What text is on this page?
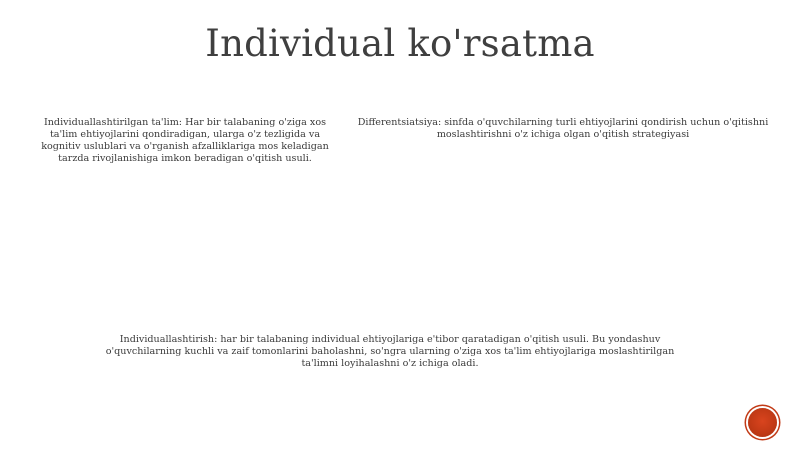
Individual ko'rsatma
Individuallashtirilgan ta'lim: Har bir talabaning o'ziga xos ta'lim ehtiyojlarini qondiradigan, ularga o'z tezligida va kognitiv uslublari va o'rganish afzalliklariga mos keladigan tarzda rivojlanishiga imkon beradigan o'qitish usuli.
Differentsiatsiya: sinfda o'quvchilarning turli ehtiyojlarini qondirish uchun o'qitishni moslashtirishni o'z ichiga olgan o'qitish strategiyasi
Individuallashtirish: har bir talabaning individual ehtiyojlariga e'tibor qaratadigan o'qitish usuli. Bu yondashuv o'quvchilarning kuchli va zaif tomonlarini baholashni, so'ngra ularning o'ziga xos ta'lim ehtiyojlariga moslashtirilgan ta'limni loyihalashni o'z ichiga oladi.
